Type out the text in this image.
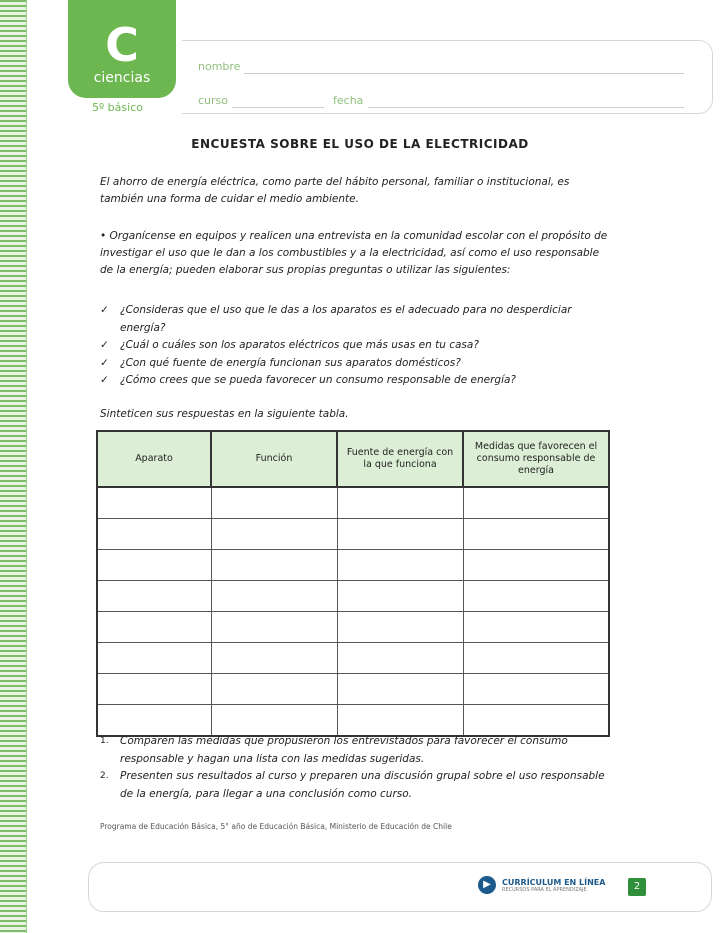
C
ciencias
5º básico
nombre
curso	fecha
ENCUESTA SOBRE EL USO DE LA ELECTRICIDAD
El ahorro de energía eléctrica, como parte del hábito personal, familiar o institucional, es también una forma de cuidar el medio ambiente.
• Organícense en equipos y realicen una entrevista en la comunidad escolar con el propósito de investigar el uso que le dan a los combustibles y a la electricidad, así como el uso responsable de la energía; pueden elaborar sus propias preguntas o utilizar las siguientes:
✓	¿Consideras que el uso que le das a los aparatos es el adecuado para no desperdiciar energía?
✓	¿Cuál o cuáles son los aparatos eléctricos que más usas en tu casa?
✓	¿Con qué fuente de energía funcionan sus aparatos domésticos?
✓	¿Cómo crees que se pueda favorecer un consumo responsable de energía?
Sinteticen sus respuestas en la siguiente tabla.
Aparato	Función	Fuente de energía con la que funciona	Medidas que favorecen el consumo responsable de energía

1.	Comparen las medidas que propusieron los entrevistados para favorecer el consumo responsable y hagan una lista con las medidas sugeridas.
2.	Presenten sus resultados al curso y preparen una discusión grupal sobre el uso responsable de la energía, para llegar a una conclusión como curso.
Programa de Educación Básica, 5° año de Educación Básica, Ministerio de Educación de Chile
▶	CURRÍCULUM EN LÍNEA
RECURSOS PARA EL APRENDIZAJE	2
